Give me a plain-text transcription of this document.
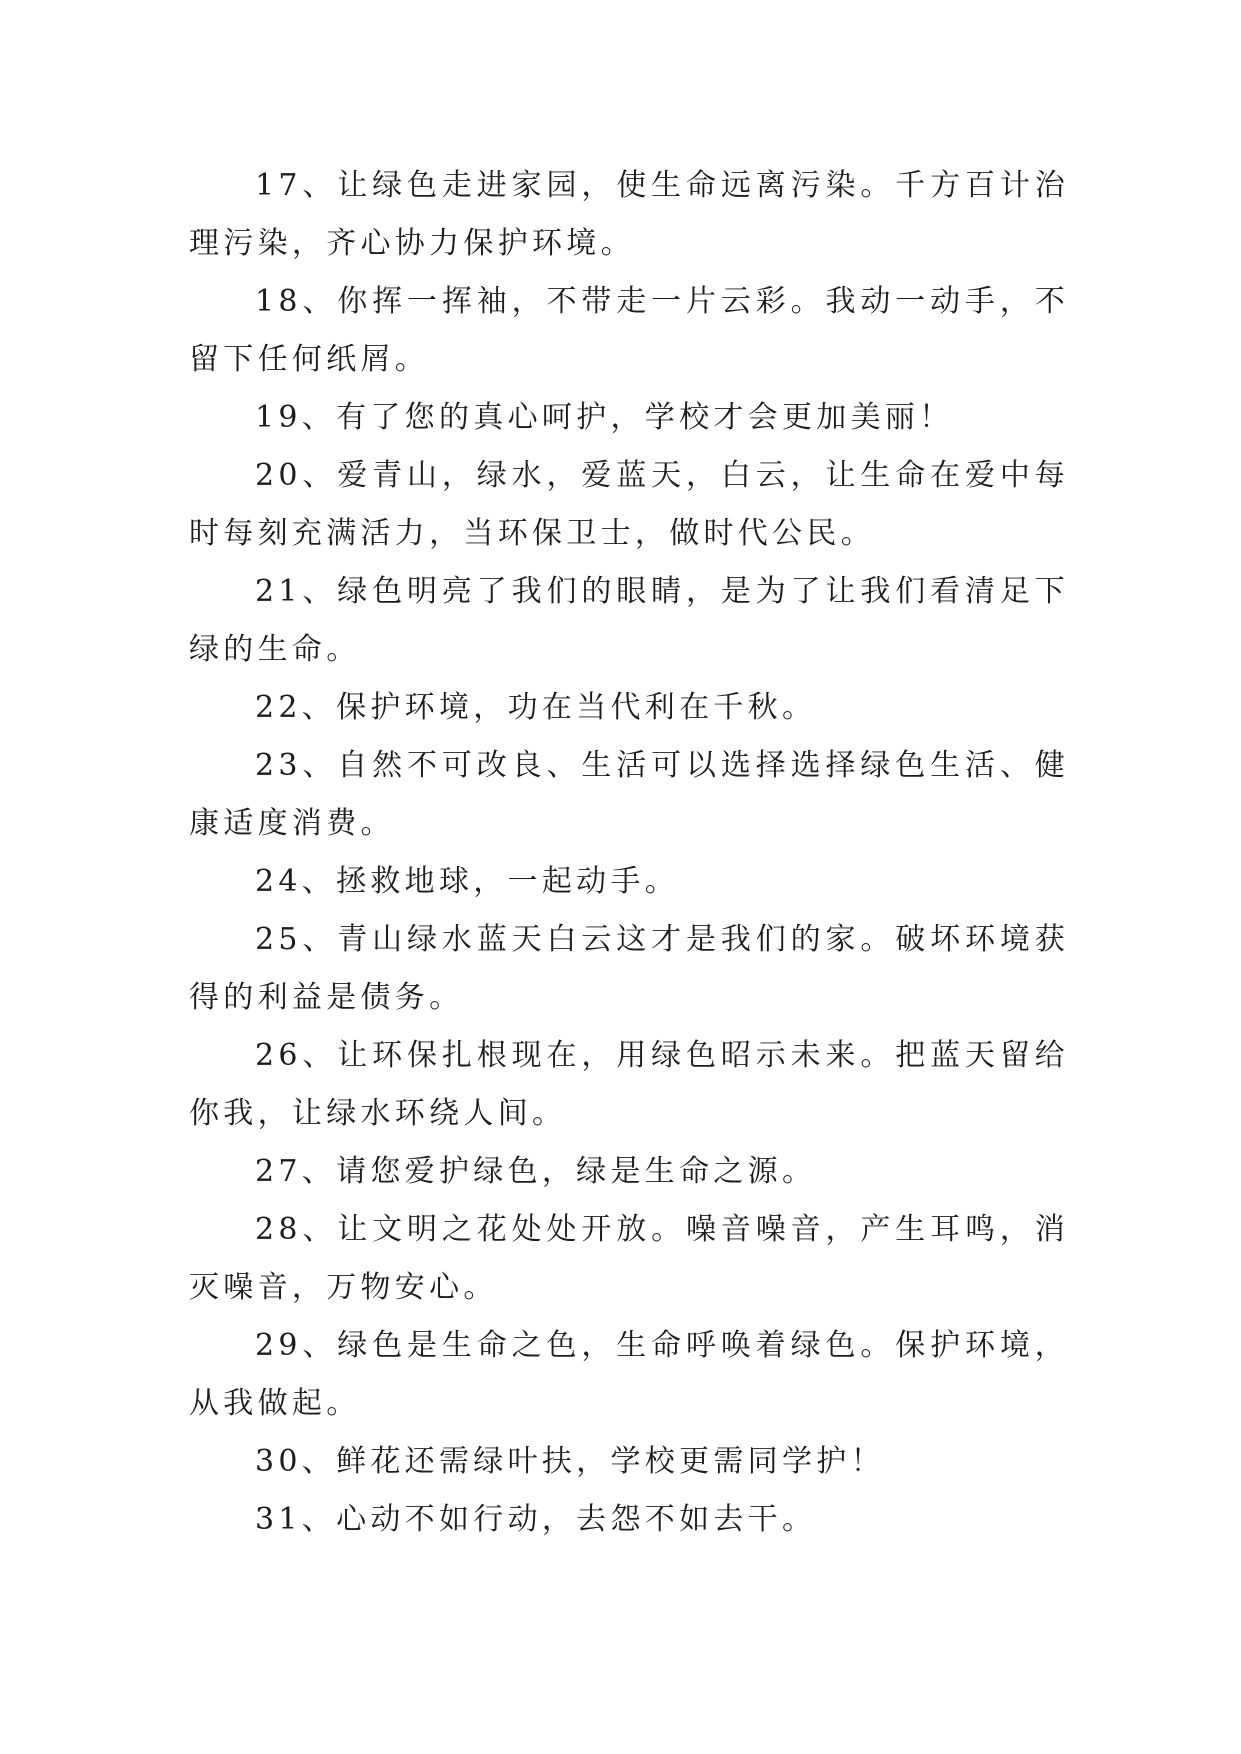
17、让绿色走进家园，使生命远离污染。千方百计治理污染，齐心协力保护环境。

18、你挥一挥袖，不带走一片云彩。我动一动手，不留下任何纸屑。

19、有了您的真心呵护，学校才会更加美丽！

20、爱青山，绿水，爱蓝天，白云，让生命在爱中每时每刻充满活力，当环保卫士，做时代公民。

21、绿色明亮了我们的眼睛，是为了让我们看清足下绿的生命。

22、保护环境，功在当代利在千秋。

23、自然不可改良、生活可以选择选择绿色生活、健康适度消费。

24、拯救地球，一起动手。

25、青山绿水蓝天白云这才是我们的家。破坏环境获得的利益是债务。

26、让环保扎根现在，用绿色昭示未来。把蓝天留给你我，让绿水环绕人间。

27、请您爱护绿色，绿是生命之源。

28、让文明之花处处开放。噪音噪音，产生耳鸣，消灭噪音，万物安心。

29、绿色是生命之色，生命呼唤着绿色。保护环境，从我做起。

30、鲜花还需绿叶扶，学校更需同学护！

31、心动不如行动，去怨不如去干。
